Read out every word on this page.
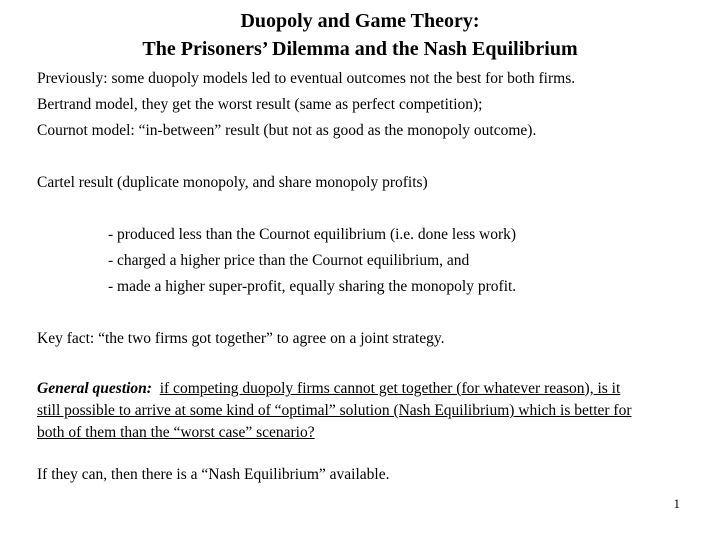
Duopoly and Game Theory:
The Prisoners’ Dilemma and the Nash Equilibrium
Previously: some duopoly models led to eventual outcomes not the best for both firms.
Bertrand model, they get the worst result (same as perfect competition);
Cournot model: “in-between” result (but not as good as the monopoly outcome).
Cartel result (duplicate monopoly, and share monopoly profits)
- produced less than the Cournot equilibrium (i.e. done less work)
- charged a higher price than the Cournot equilibrium, and
- made a higher super-profit, equally sharing the monopoly profit.
Key fact: “the two firms got together” to agree on a joint strategy.
General question: if competing duopoly firms cannot get together (for whatever reason), is it still possible to arrive at some kind of “optimal” solution (Nash Equilibrium) which is better for both of them than the “worst case” scenario?
If they can, then there is a “Nash Equilibrium” available.
1
